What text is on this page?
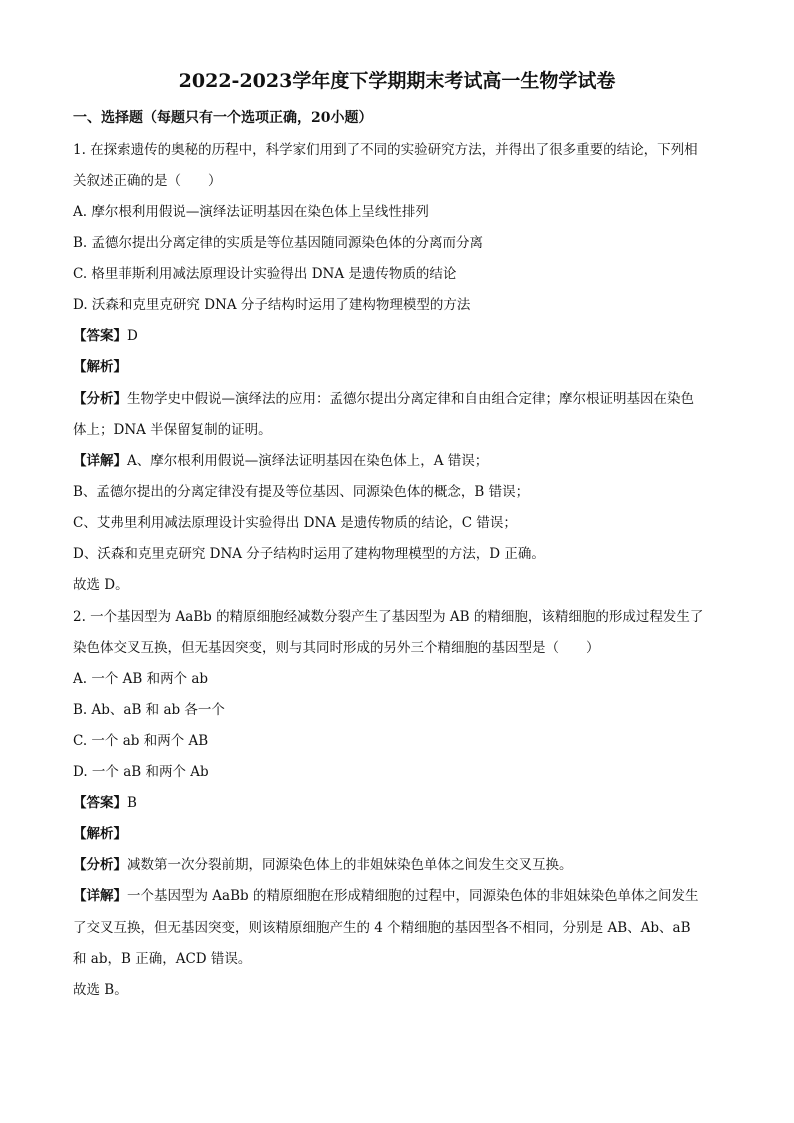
2022-2023学年度下学期期末考试高一生物学试卷
一、选择题（每题只有一个选项正确，20小题）
1. 在探索遗传的奥秘的历程中，科学家们用到了不同的实验研究方法，并得出了很多重要的结论，下列相
关叙述正确的是（　　）
A. 摩尔根利用假说—演绎法证明基因在染色体上呈线性排列
B. 孟德尔提出分离定律的实质是等位基因随同源染色体的分离而分离
C. 格里菲斯利用减法原理设计实验得出 DNA 是遗传物质的结论
D. 沃森和克里克研究 DNA 分子结构时运用了建构物理模型的方法
【答案】D
【解析】
【分析】生物学史中假说—演绎法的应用：孟德尔提出分离定律和自由组合定律；摩尔根证明基因在染色
体上；DNA 半保留复制的证明。
【详解】A、摩尔根利用假说—演绎法证明基因在染色体上，A 错误；
B、孟德尔提出的分离定律没有提及等位基因、同源染色体的概念，B 错误；
C、艾弗里利用减法原理设计实验得出 DNA 是遗传物质的结论，C 错误；
D、沃森和克里克研究 DNA 分子结构时运用了建构物理模型的方法，D 正确。
故选 D。
2. 一个基因型为 AaBb 的精原细胞经减数分裂产生了基因型为 AB 的精细胞，该精细胞的形成过程发生了
染色体交叉互换，但无基因突变，则与其同时形成的另外三个精细胞的基因型是（　　）
A. 一个 AB 和两个 ab
B. Ab、aB 和 ab 各一个
C. 一个 ab 和两个 AB
D. 一个 aB 和两个 Ab
【答案】B
【解析】
【分析】减数第一次分裂前期，同源染色体上的非姐妹染色单体之间发生交叉互换。
【详解】一个基因型为 AaBb 的精原细胞在形成精细胞的过程中，同源染色体的非姐妹染色单体之间发生
了交叉互换，但无基因突变，则该精原细胞产生的 4 个精细胞的基因型各不相同，分别是 AB、Ab、aB
和 ab，B 正确，ACD 错误。
故选 B。
